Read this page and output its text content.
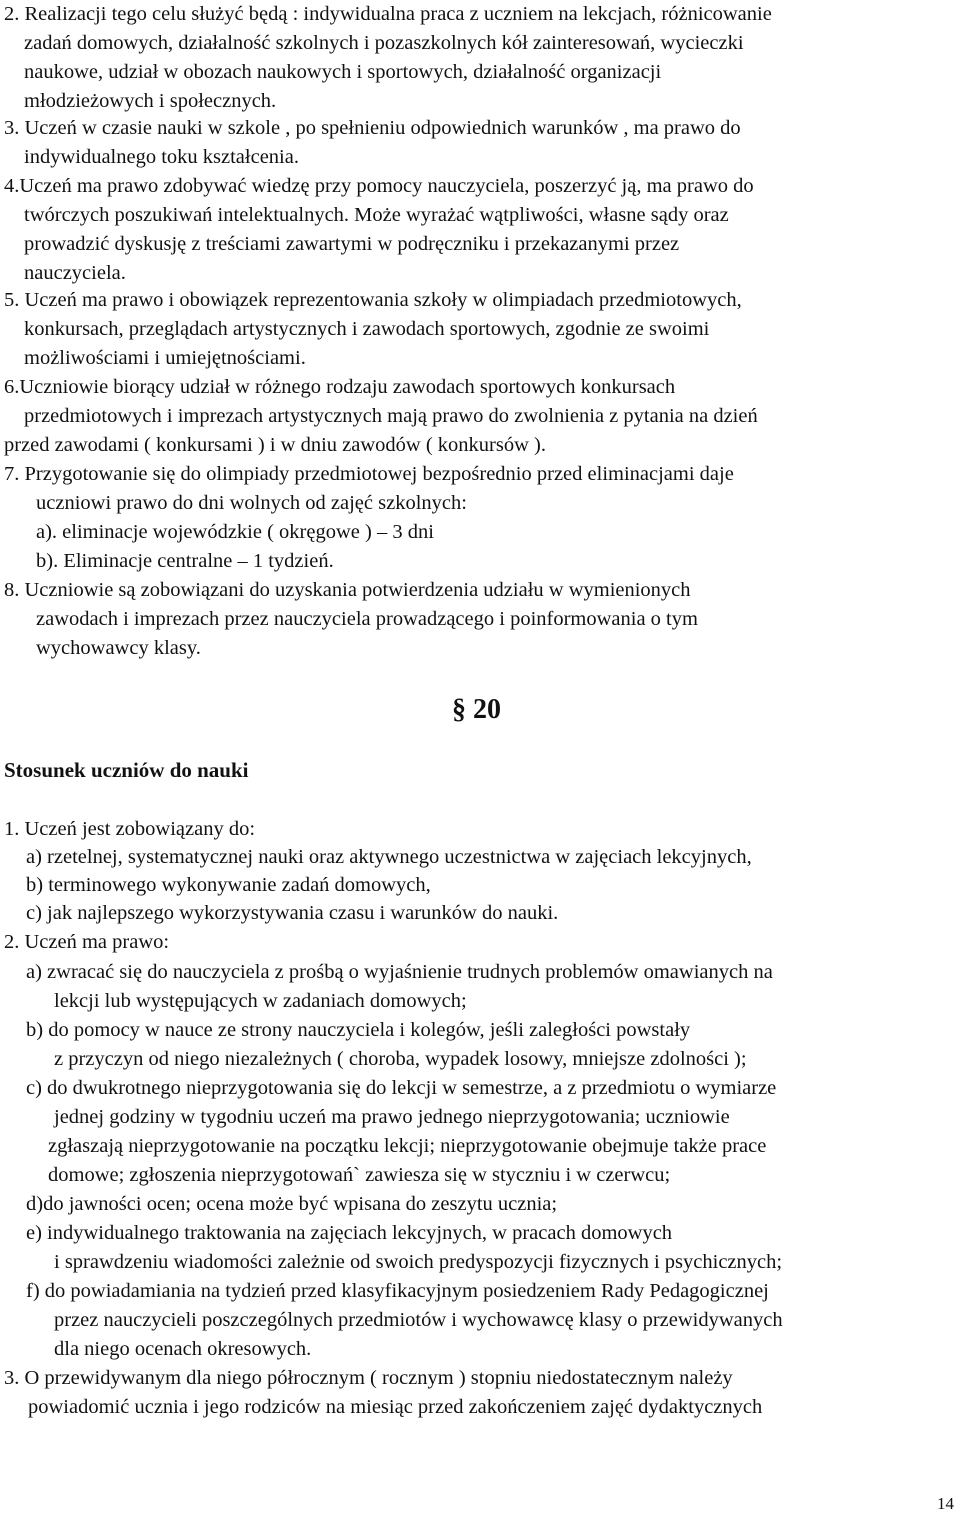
2. Realizacji tego celu służyć będą : indywidualna praca z uczniem na lekcjach, różnicowanie

zadań domowych, działalność szkolnych i pozaszkolnych kół zainteresowań, wycieczki

naukowe, udział w obozach naukowych i sportowych, działalność organizacji

młodzieżowych i społecznych.

3. Uczeń w czasie nauki w szkole , po spełnieniu odpowiednich warunków , ma prawo do

indywidualnego toku kształcenia.

4.Uczeń ma prawo zdobywać wiedzę przy pomocy nauczyciela, poszerzyć ją, ma prawo do

twórczych poszukiwań intelektualnych. Może wyrażać wątpliwości, własne sądy oraz

prowadzić dyskusję z treściami zawartymi w podręczniku i przekazanymi przez

nauczyciela.

5. Uczeń ma prawo i obowiązek reprezentowania szkoły w olimpiadach przedmiotowych,

konkursach, przeglądach artystycznych i zawodach sportowych, zgodnie ze swoimi

możliwościami i umiejętnościami.

6.Uczniowie biorący udział w różnego rodzaju zawodach sportowych konkursach

przedmiotowych i imprezach artystycznych mają prawo do zwolnienia z pytania na dzień

przed zawodami ( konkursami ) i w dniu zawodów ( konkursów ).

7. Przygotowanie się do olimpiady przedmiotowej bezpośrednio przed eliminacjami daje

uczniowi prawo do dni wolnych od zajęć szkolnych:

a). eliminacje wojewódzkie ( okręgowe ) – 3 dni

b). Eliminacje centralne – 1 tydzień.

8. Uczniowie są zobowiązani do uzyskania potwierdzenia udziału w wymienionych

zawodach i imprezach przez nauczyciela prowadzącego i poinformowania o tym

wychowawcy klasy.

§ 20
Stosunek uczniów do nauki

1. Uczeń jest zobowiązany do:

a) rzetelnej, systematycznej nauki oraz aktywnego uczestnictwa w zajęciach lekcyjnych,

b) terminowego wykonywanie zadań domowych,

c) jak najlepszego wykorzystywania czasu i warunków do nauki.

2. Uczeń ma prawo:

a) zwracać się do nauczyciela z prośbą o wyjaśnienie trudnych problemów omawianych na

lekcji lub występujących w zadaniach domowych;

b) do pomocy w nauce ze strony nauczyciela i kolegów, jeśli zaległości powstały

z przyczyn od niego niezależnych ( choroba, wypadek losowy, mniejsze zdolności );

c) do dwukrotnego nieprzygotowania się do lekcji w semestrze, a z przedmiotu o wymiarze

jednej godziny w tygodniu uczeń ma prawo jednego nieprzygotowania; uczniowie

zgłaszają nieprzygotowanie na początku lekcji; nieprzygotowanie obejmuje także prace

domowe; zgłoszenia nieprzygotowań` zawiesza się w styczniu i w czerwcu;

d)do jawności ocen; ocena może być wpisana do zeszytu ucznia;

e) indywidualnego traktowania na zajęciach lekcyjnych, w pracach domowych

i sprawdzeniu wiadomości zależnie od swoich predyspozycji fizycznych i psychicznych;

f) do powiadamiania na tydzień przed klasyfikacyjnym posiedzeniem Rady Pedagogicznej

przez nauczycieli poszczególnych przedmiotów i wychowawcę klasy o przewidywanych

dla niego ocenach okresowych.

3. O przewidywanym dla niego półrocznym ( rocznym ) stopniu niedostatecznym należy

powiadomić ucznia i jego rodziców na miesiąc przed zakończeniem zajęć dydaktycznych

14
